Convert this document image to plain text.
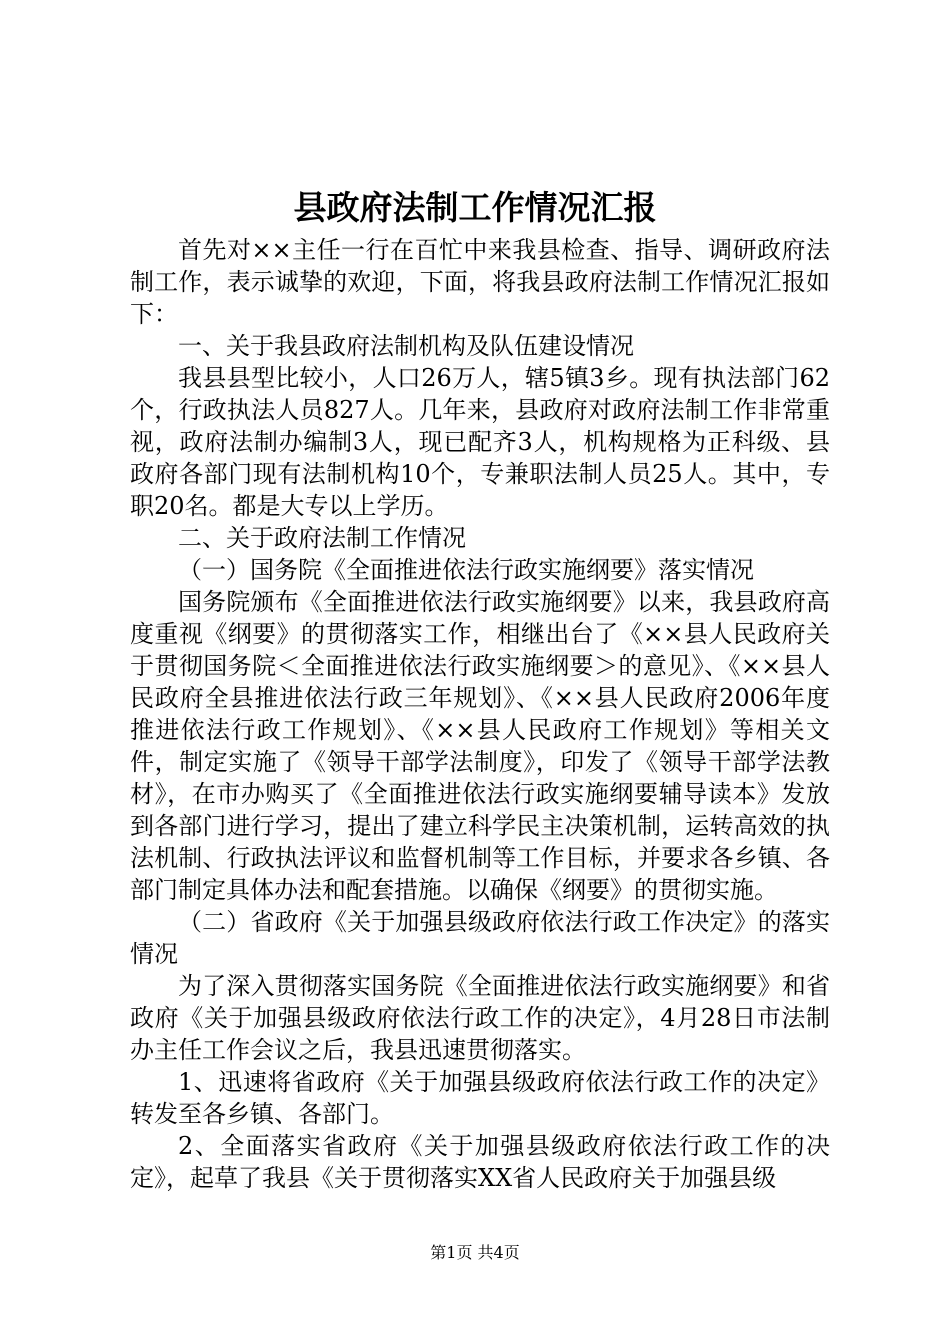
县政府法制工作情况汇报

首先对××主任一行在百忙中来我县检查、指导、调研政府法制工作，表示诚挚的欢迎，下面，将我县政府法制工作情况汇报如下：

一、关于我县政府法制机构及队伍建设情况

我县县型比较小，人口26万人，辖5镇3乡。现有执法部门62个，行政执法人员827人。几年来，县政府对政府法制工作非常重视，政府法制办编制3人，现已配齐3人，机构规格为正科级、县政府各部门现有法制机构10个，专兼职法制人员25人。其中，专职20名。都是大专以上学历。

二、关于政府法制工作情况

（一）国务院《全面推进依法行政实施纲要》落实情况

国务院颁布《全面推进依法行政实施纲要》以来，我县政府高度重视《纲要》的贯彻落实工作，相继出台了《××县人民政府关于贯彻国务院＜全面推进依法行政实施纲要＞的意见》、《××县人民政府全县推进依法行政三年规划》、《××县人民政府2006年度推进依法行政工作规划》、《××县人民政府工作规划》等相关文件，制定实施了《领导干部学法制度》，印发了《领导干部学法教材》，在市办购买了《全面推进依法行政实施纲要辅导读本》发放到各部门进行学习，提出了建立科学民主决策机制，运转高效的执法机制、行政执法评议和监督机制等工作目标，并要求各乡镇、各部门制定具体办法和配套措施。以确保《纲要》的贯彻实施。

（二）省政府《关于加强县级政府依法行政工作决定》的落实情况

为了深入贯彻落实国务院《全面推进依法行政实施纲要》和省政府《关于加强县级政府依法行政工作的决定》，4月28日市法制办主任工作会议之后，我县迅速贯彻落实。

1、迅速将省政府《关于加强县级政府依法行政工作的决定》转发至各乡镇、各部门。

2、全面落实省政府《关于加强县级政府依法行政工作的决定》，起草了我县《关于贯彻落实XX省人民政府关于加强县级

第1页 共4页
